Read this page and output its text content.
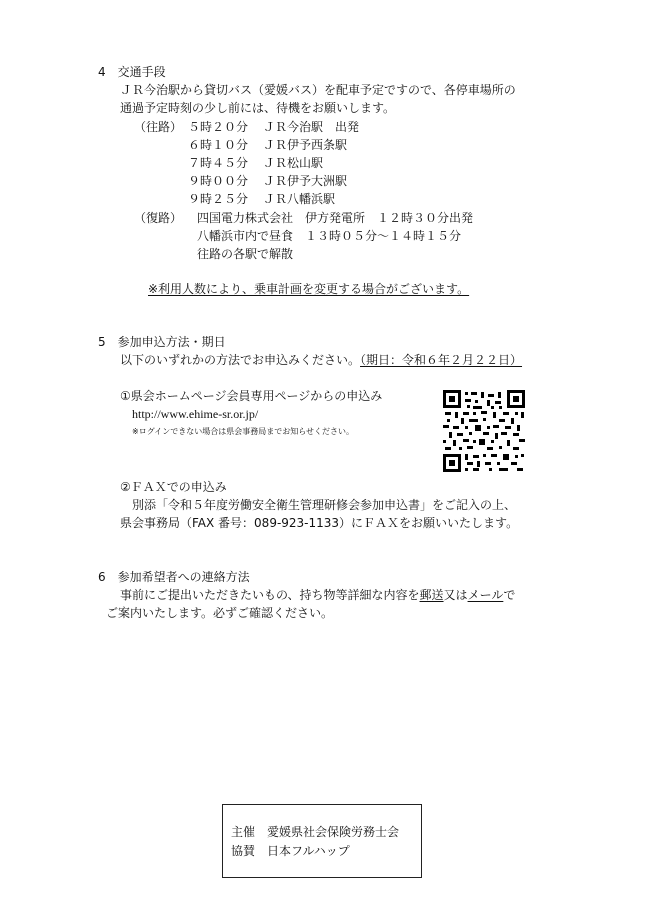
4　交通手段
ＪＲ今治駅から貸切バス（愛媛バス）を配車予定ですので、各停車場所の
通過予定時刻の少し前には、待機をお願いします。
（往路） ５時２０分 ＪＲ今治駅　出発
６時１０分 ＪＲ伊予西条駅
７時４５分 ＪＲ松山駅
９時００分 ＪＲ伊予大洲駅
９時２５分 ＪＲ八幡浜駅
（復路） 四国電力株式会社　伊方発電所　１２時３０分出発
八幡浜市内で昼食　１３時０５分～１４時１５分
往路の各駅で解散
※利用人数により、乗車計画を変更する場合がございます。
5　参加申込方法・期日
以下のいずれかの方法でお申込みください。（期日：令和６年２月２２日）
①県会ホームページ会員専用ページからの申込み
http://www.ehime-sr.or.jp/
※ログインできない場合は県会事務局までお知らせください。
②ＦＡＸでの申込み
別添「令和５年度労働安全衛生管理研修会参加申込書」をご記入の上、
県会事務局（FAX 番号：089-923-1133）にＦＡＸをお願いいたします。
6　参加希望者への連絡方法
事前にご提出いただきたいもの、持ち物等詳細な内容を郵送又はメールで
ご案内いたします。必ずご確認ください。
主催　 愛媛県社会保険労務士会
協賛　 日本フルハップ
